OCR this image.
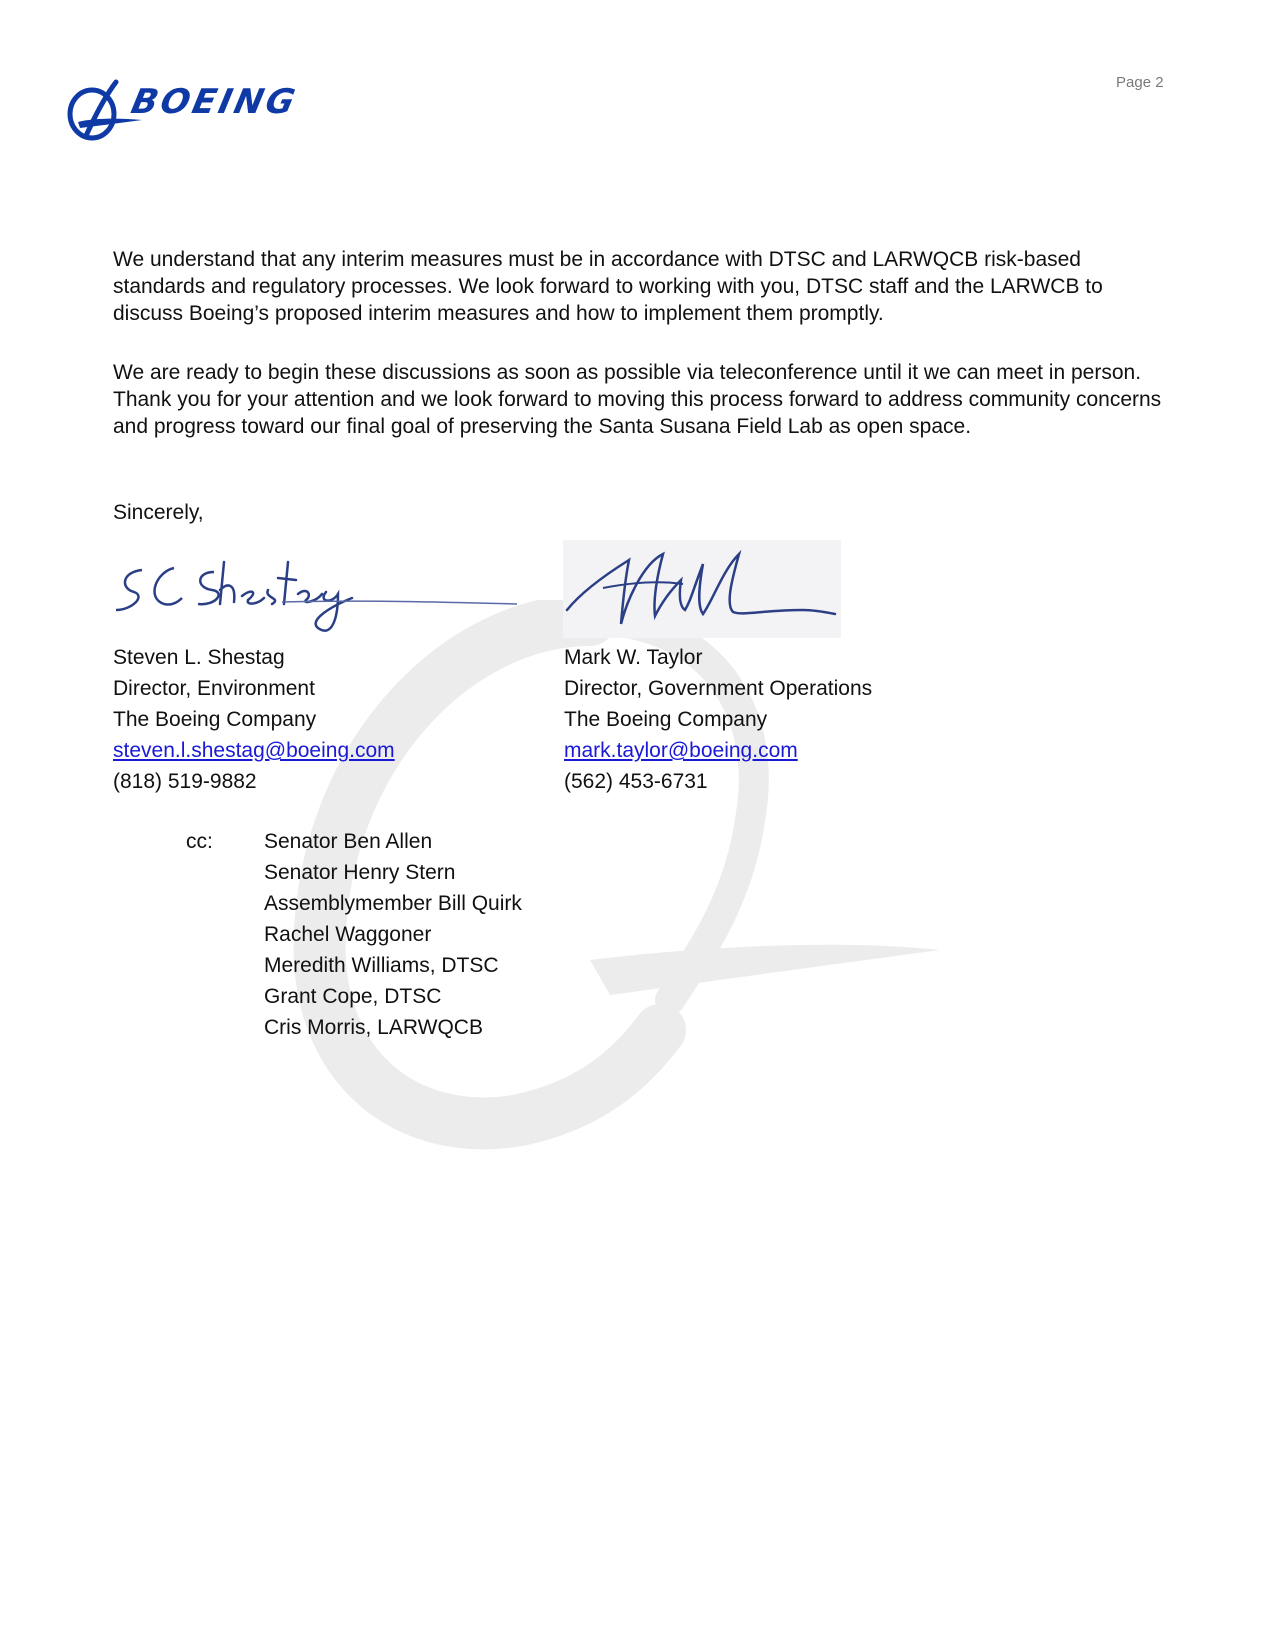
BOEING	Page 2

We understand that any interim measures must be in accordance with DTSC and LARWQCB risk-based standards and regulatory processes. We look forward to working with you, DTSC staff and the LARWCB to discuss Boeing’s proposed interim measures and how to implement them promptly.

We are ready to begin these discussions as soon as possible via teleconference until it we can meet in person. Thank you for your attention and we look forward to moving this process forward to address community concerns and progress toward our final goal of preserving the Santa Susana Field Lab as open space.

Sincerely,
Steven L. Shestag
Director, Environment
The Boeing Company
steven.l.shestag@boeing.com
(818) 519-9882
Mark W. Taylor
Director, Government Operations
The Boeing Company
mark.taylor@boeing.com
(562) 453-6731
cc: Senator Ben Allen
Senator Henry Stern
Assemblymember Bill Quirk
Rachel Waggoner
Meredith Williams, DTSC
Grant Cope, DTSC
Cris Morris, LARWQCB
